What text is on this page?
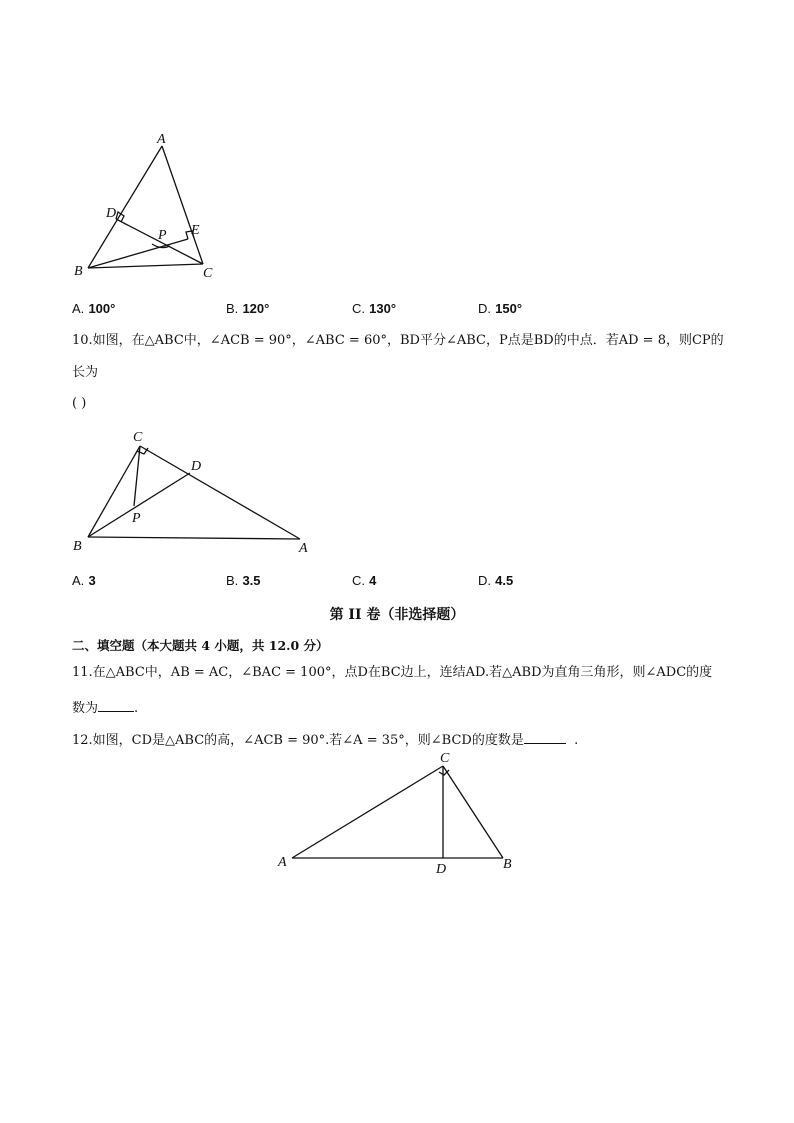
A
B	C
D
E
P
A. 100°	B. 120°	C. 130°	D. 150°
10.如图，在△ABC中，∠ACB = 90°，∠ABC = 60°，BD平分∠ABC，P点是BD的中点．若AD = 8，则CP的
长为
( )
C
D
P
B	A
A. 3	B. 3.5	C. 4	D. 4.5
第 II 卷（非选择题）
二、填空题（本大题共 4 小题，共 12.0 分）
11.在△ABC中，AB = AC，∠BAC = 100°，点D在BC边上，连结AD.若△ABD为直角三角形，则∠ADC的度
数为	.
12.如图，CD是△ABC的高，∠ACB = 90°.若∠A = 35°，则∠BCD的度数是	.
C
A	D	B
